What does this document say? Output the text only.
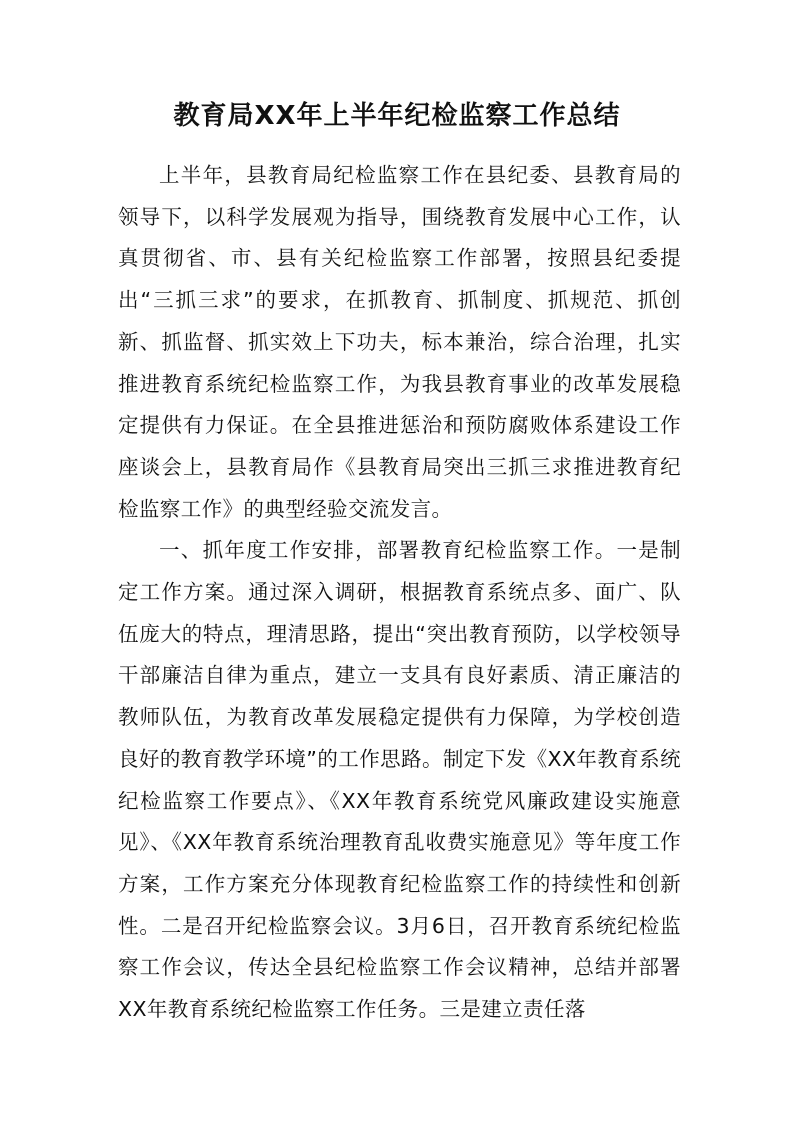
教育局XX年上半年纪检监察工作总结

上半年，县教育局纪检监察工作在县纪委、县教育局的领导下，以科学发展观为指导，围绕教育发展中心工作，认真贯彻省、市、县有关纪检监察工作部署，按照县纪委提出“三抓三求”的要求，在抓教育、抓制度、抓规范、抓创新、抓监督、抓实效上下功夫，标本兼治，综合治理，扎实推进教育系统纪检监察工作，为我县教育事业的改革发展稳定提供有力保证。在全县推进惩治和预防腐败体系建设工作座谈会上，县教育局作《县教育局突出三抓三求推进教育纪检监察工作》的典型经验交流发言。

一、抓年度工作安排，部署教育纪检监察工作。一是制定工作方案。通过深入调研，根据教育系统点多、面广、队伍庞大的特点，理清思路，提出“突出教育预防，以学校领导干部廉洁自律为重点，建立一支具有良好素质、清正廉洁的教师队伍，为教育改革发展稳定提供有力保障，为学校创造良好的教育教学环境”的工作思路。制定下发《XX年教育系统纪检监察工作要点》、《XX年教育系统党风廉政建设实施意见》、《XX年教育系统治理教育乱收费实施意见》等年度工作方案，工作方案充分体现教育纪检监察工作的持续性和创新性。二是召开纪检监察会议。3月6日，召开教育系统纪检监察工作会议，传达全县纪检监察工作会议精神，总结并部署XX年教育系统纪检监察工作任务。三是建立责任落
